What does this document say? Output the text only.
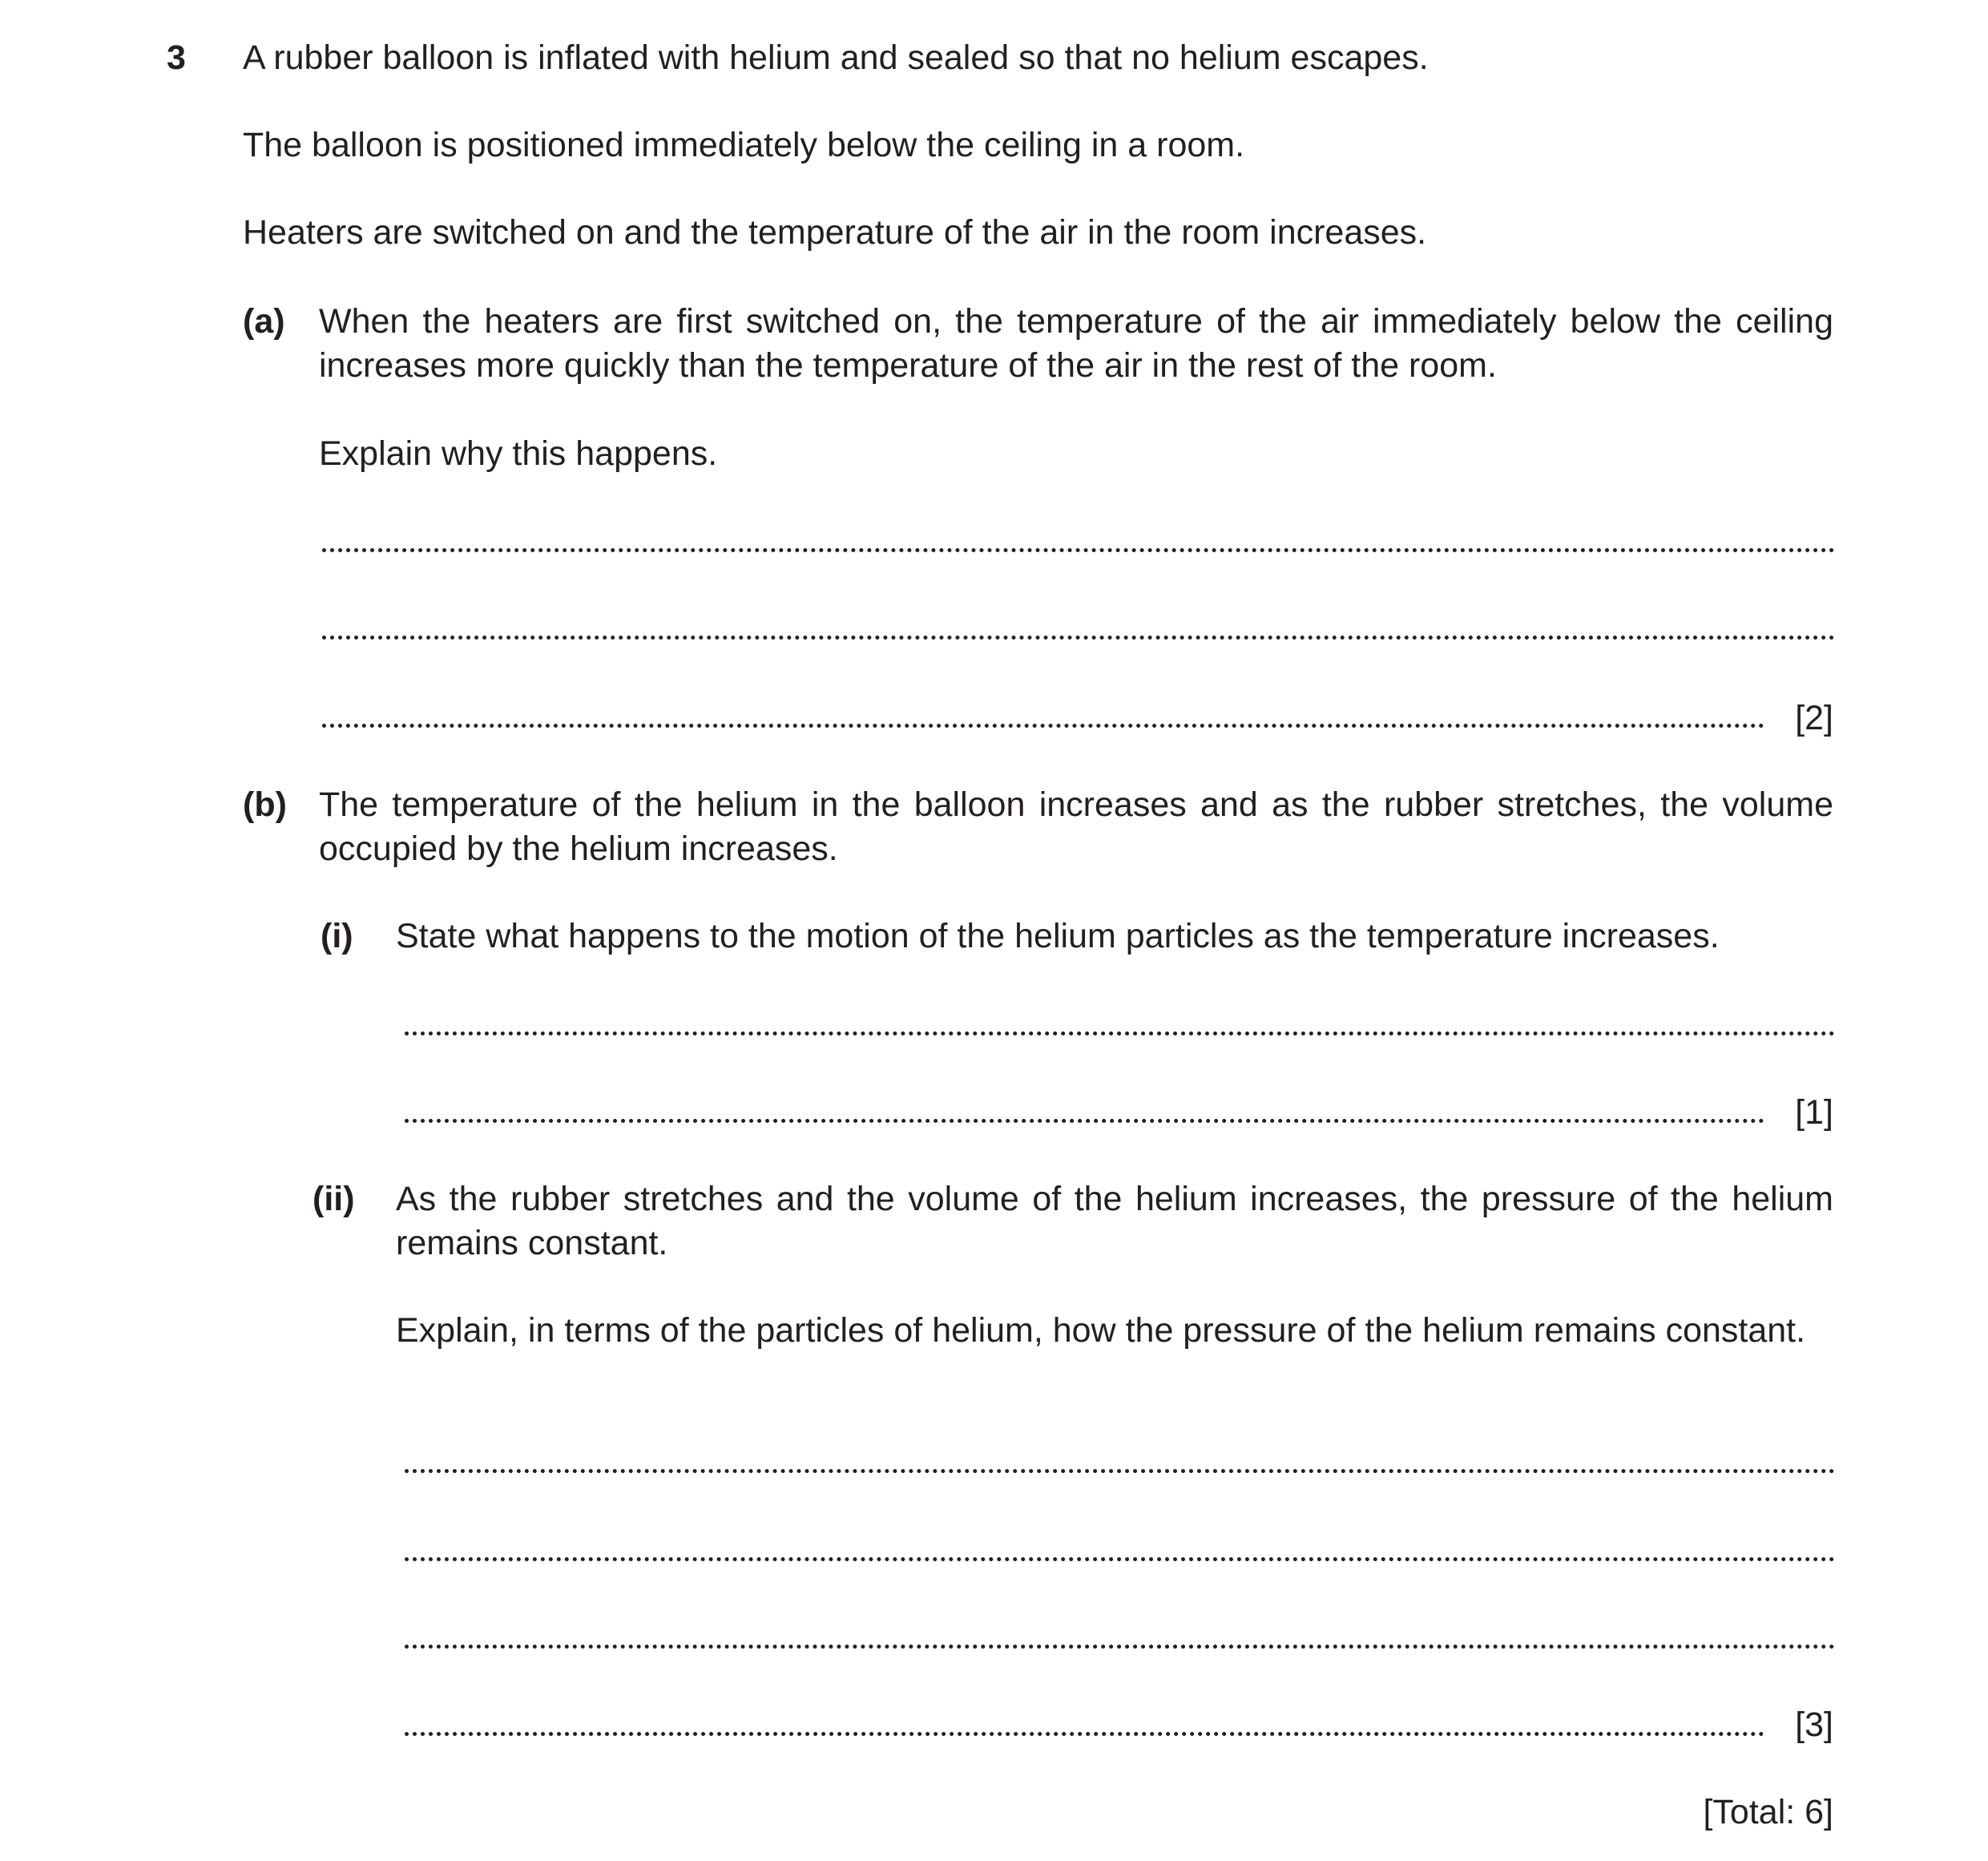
3 A rubber balloon is inflated with helium and sealed so that no helium escapes.

The balloon is positioned immediately below the ceiling in a room.

Heaters are switched on and the temperature of the air in the room increases.

(a) When the heaters are first switched on, the temperature of the air immediately below the ceiling increases more quickly than the temperature of the air in the rest of the room.

Explain why this happens.

[2]
(b) The temperature of the helium in the balloon increases and as the rubber stretches, the volume occupied by the helium increases.

(i) State what happens to the motion of the helium particles as the temperature increases.

[1]
(ii) As the rubber stretches and the volume of the helium increases, the pressure of the helium remains constant.

Explain, in terms of the particles of helium, how the pressure of the helium remains constant.

[3]
[Total: 6]
